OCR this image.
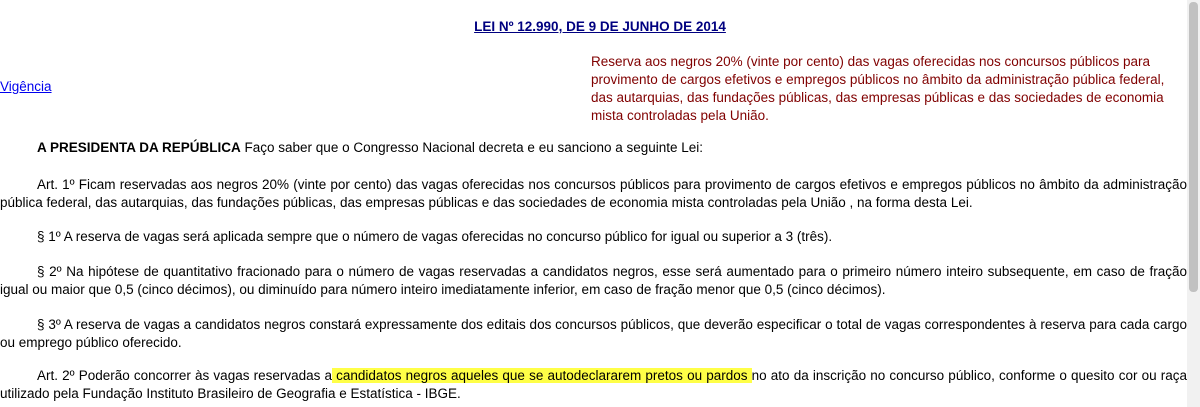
LEI Nº 12.990, DE 9 DE JUNHO DE 2014
Reserva aos negros 20% (vinte por cento) das vagas oferecidas nos concursos públicos para provimento de cargos efetivos e empregos públicos no âmbito da administração pública federal, das autarquias, das fundações públicas, das empresas públicas e das sociedades de economia mista controladas pela União.
Vigência
A PRESIDENTA DA REPÚBLICA Faço saber que o Congresso Nacional decreta e eu sanciono a seguinte Lei:
Art. 1º Ficam reservadas aos negros 20% (vinte por cento) das vagas oferecidas nos concursos públicos para provimento de cargos efetivos e empregos públicos no âmbito da administração pública federal, das autarquias, das fundações públicas, das empresas públicas e das sociedades de economia mista controladas pela União , na forma desta Lei.
§ 1º A reserva de vagas será aplicada sempre que o número de vagas oferecidas no concurso público for igual ou superior a 3 (três).
§ 2º Na hipótese de quantitativo fracionado para o número de vagas reservadas a candidatos negros, esse será aumentado para o primeiro número inteiro subsequente, em caso de fração igual ou maior que 0,5 (cinco décimos), ou diminuído para número inteiro imediatamente inferior, em caso de fração menor que 0,5 (cinco décimos).
§ 3º A reserva de vagas a candidatos negros constará expressamente dos editais dos concursos públicos, que deverão especificar o total de vagas correspondentes à reserva para cada cargo ou emprego público oferecido.
Art. 2º Poderão concorrer às vagas reservadas a candidatos negros aqueles que se autodeclararem pretos ou pardos no ato da inscrição no concurso público, conforme o quesito cor ou raça utilizado pela Fundação Instituto Brasileiro de Geografia e Estatística - IBGE.
